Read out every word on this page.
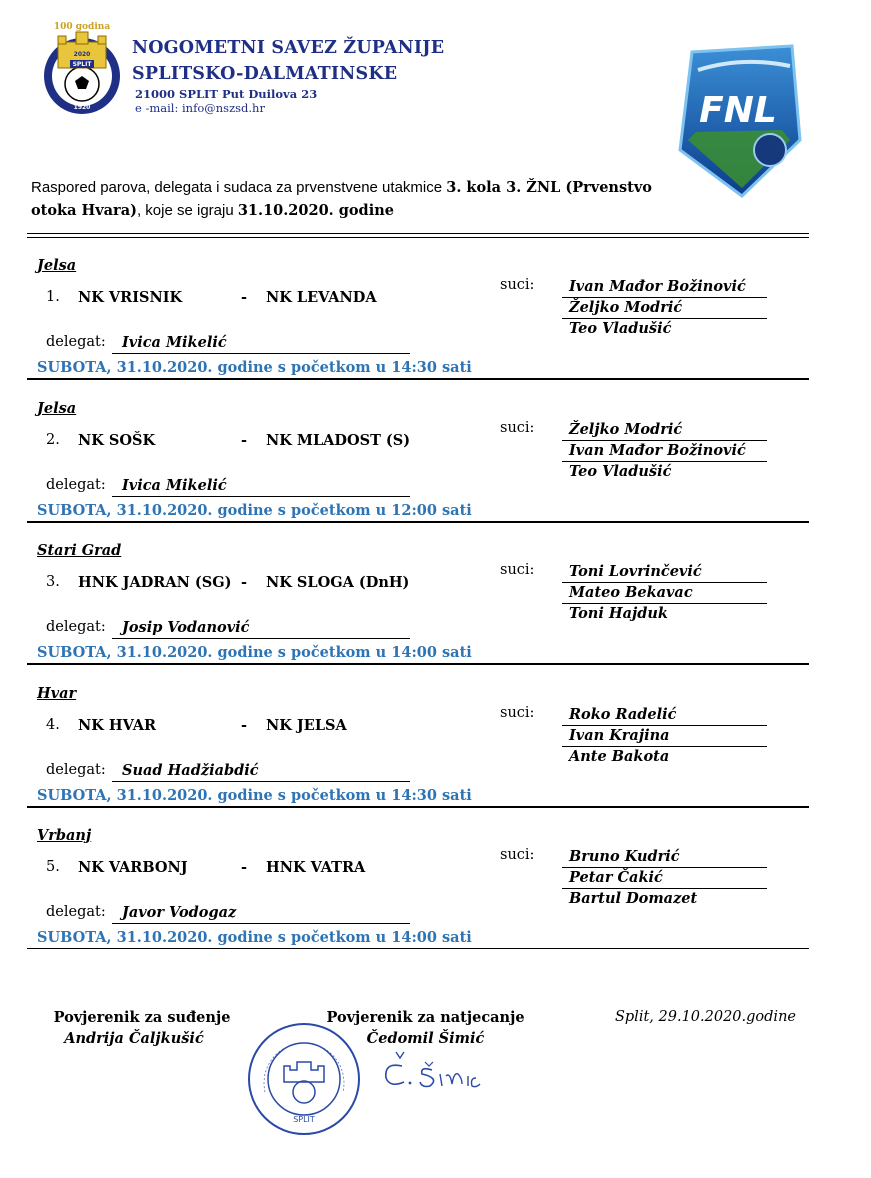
100 godina
SPLIT
2020
1920
NOGOMETNI SAVEZ ŽUPANIJE
SPLITSKO-DALMATINSKE
21000 SPLIT Put Duilova 23
e -mail: info@nszsd.hr	FNL
Raspored parova, delegata i sudaca za prvenstvene utakmice 3. kola 3. ŽNL (Prvenstvo otoka Hvara), koje se igraju 31.10.2020. godine
Jelsa
1. NK VRISNIK	- NK LEVANDA
suci:	Ivan Mađor Božinović
Željko Modrić
Teo Vladušić
delegat:	Ivica Mikelić
SUBOTA, 31.10.2020. godine s početkom u 14:30 sati
Jelsa
2. NK SOŠK	- NK MLADOST (S)
suci:	Željko Modrić
Ivan Mađor Božinović
Teo Vladušić
delegat:	Ivica Mikelić
SUBOTA, 31.10.2020. godine s početkom u 12:00 sati
Stari Grad
3. HNK JADRAN (SG) - NK SLOGA (DnH)
suci:	Toni Lovrinčević
Mateo Bekavac
Toni Hajduk
delegat:	Josip Vodanović
SUBOTA, 31.10.2020. godine s početkom u 14:00 sati
Hvar
4. NK HVAR	- NK JELSA
suci:	Roko Radelić
Ivan Krajina
Ante Bakota
delegat:	Suad Hadžiabdić
SUBOTA, 31.10.2020. godine s početkom u 14:30 sati
Vrbanj
5. NK VARBONJ	- HNK VATRA
suci:	Bruno Kudrić
Petar Čakić
Bartul Domazet
delegat:	Javor Vodogaz
SUBOTA, 31.10.2020. godine s početkom u 14:00 sati
Povjerenik za suđenje
Andrija Čaljkušić
Povjerenik za natjecanje
Čedomil Šimić
SPLIT
Split, 29.10.2020.godine
